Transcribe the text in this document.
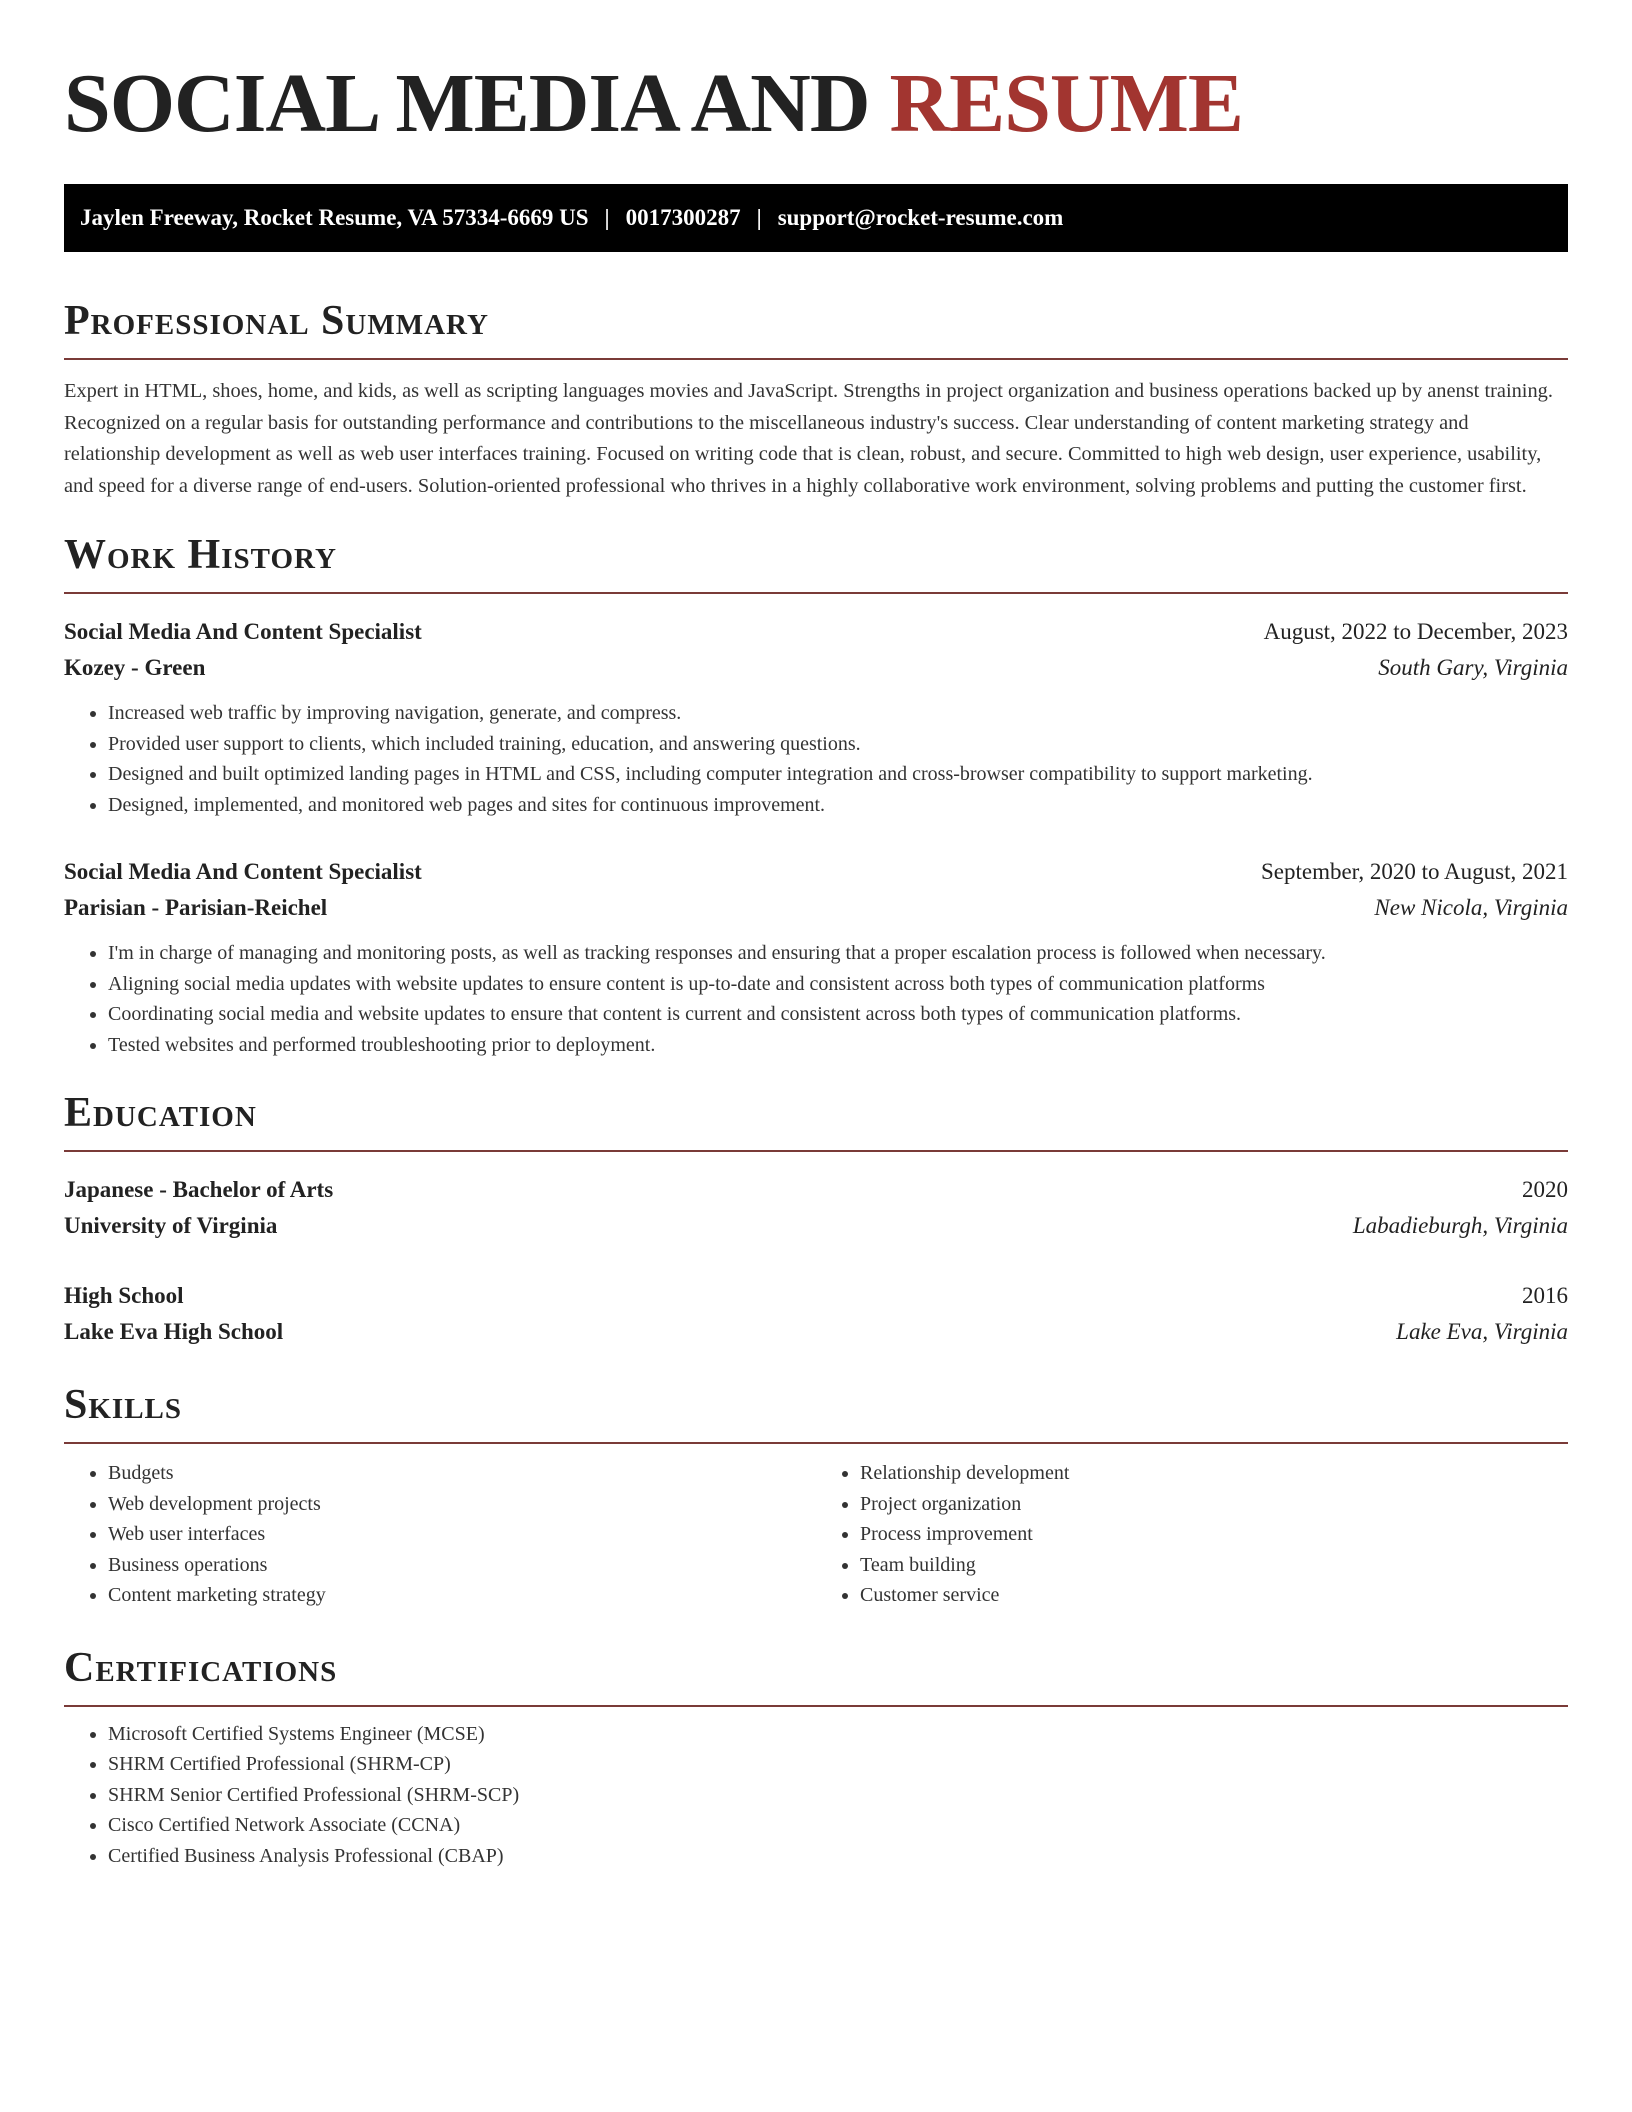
SOCIAL MEDIA AND RESUME
Jaylen Freeway, Rocket Resume, VA 57334-6669 US | 0017300287 | support@rocket-resume.com
Professional Summary

Expert in HTML, shoes, home, and kids, as well as scripting languages movies and JavaScript. Strengths in project organization and business operations backed up by anenst training. Recognized on a regular basis for outstanding performance and contributions to the miscellaneous industry's success. Clear understanding of content marketing strategy and relationship development as well as web user interfaces training. Focused on writing code that is clean, robust, and secure. Committed to high web design, user experience, usability, and speed for a diverse range of end-users. Solution-oriented professional who thrives in a highly collaborative work environment, solving problems and putting the customer first.

Work History
Social Media And Content Specialist	August, 2022 to December, 2023
Kozey - Green	South Gary, Virginia
• Increased web traffic by improving navigation, generate, and compress.
• Provided user support to clients, which included training, education, and answering questions.
• Designed and built optimized landing pages in HTML and CSS, including computer integration and cross-browser compatibility to support marketing.
• Designed, implemented, and monitored web pages and sites for continuous improvement.
Social Media And Content Specialist	September, 2020 to August, 2021
Parisian - Parisian-Reichel	New Nicola, Virginia
• I'm in charge of managing and monitoring posts, as well as tracking responses and ensuring that a proper escalation process is followed when necessary.
• Aligning social media updates with website updates to ensure content is up-to-date and consistent across both types of communication platforms
• Coordinating social media and website updates to ensure that content is current and consistent across both types of communication platforms.
• Tested websites and performed troubleshooting prior to deployment.
Education
Japanese - Bachelor of Arts	2020
University of Virginia	Labadieburgh, Virginia
High School	2016
Lake Eva High School	Lake Eva, Virginia
Skills
• Budgets
• Web development projects
• Web user interfaces
• Business operations
• Content marketing strategy
• Relationship development
• Project organization
• Process improvement
• Team building
• Customer service
Certifications
• Microsoft Certified Systems Engineer (MCSE)
• SHRM Certified Professional (SHRM-CP)
• SHRM Senior Certified Professional (SHRM-SCP)
• Cisco Certified Network Associate (CCNA)
• Certified Business Analysis Professional (CBAP)
